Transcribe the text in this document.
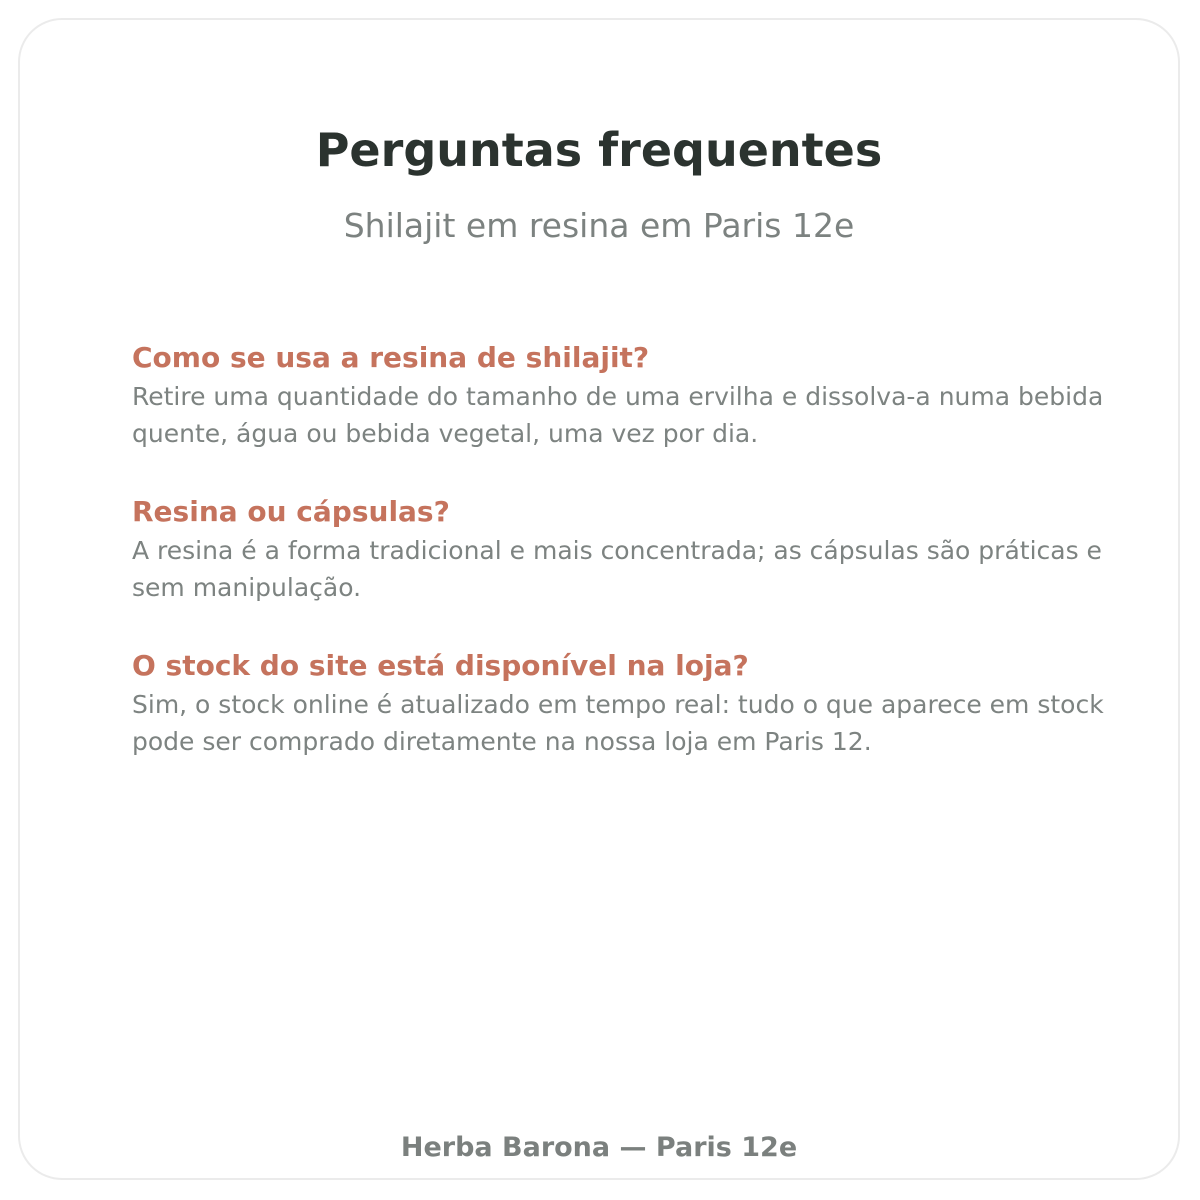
Perguntas frequentes

Shilajit em resina em Paris 12e

Como se usa a resina de shilajit?

Retire uma quantidade do tamanho de uma ervilha e dissolva-a numa bebida quente, água ou bebida vegetal, uma vez por dia.

Resina ou cápsulas?

A resina é a forma tradicional e mais concentrada; as cápsulas são práticas e sem manipulação.

O stock do site está disponível na loja?

Sim, o stock online é atualizado em tempo real: tudo o que aparece em stock pode ser comprado diretamente na nossa loja em Paris 12.

Herba Barona — Paris 12e
